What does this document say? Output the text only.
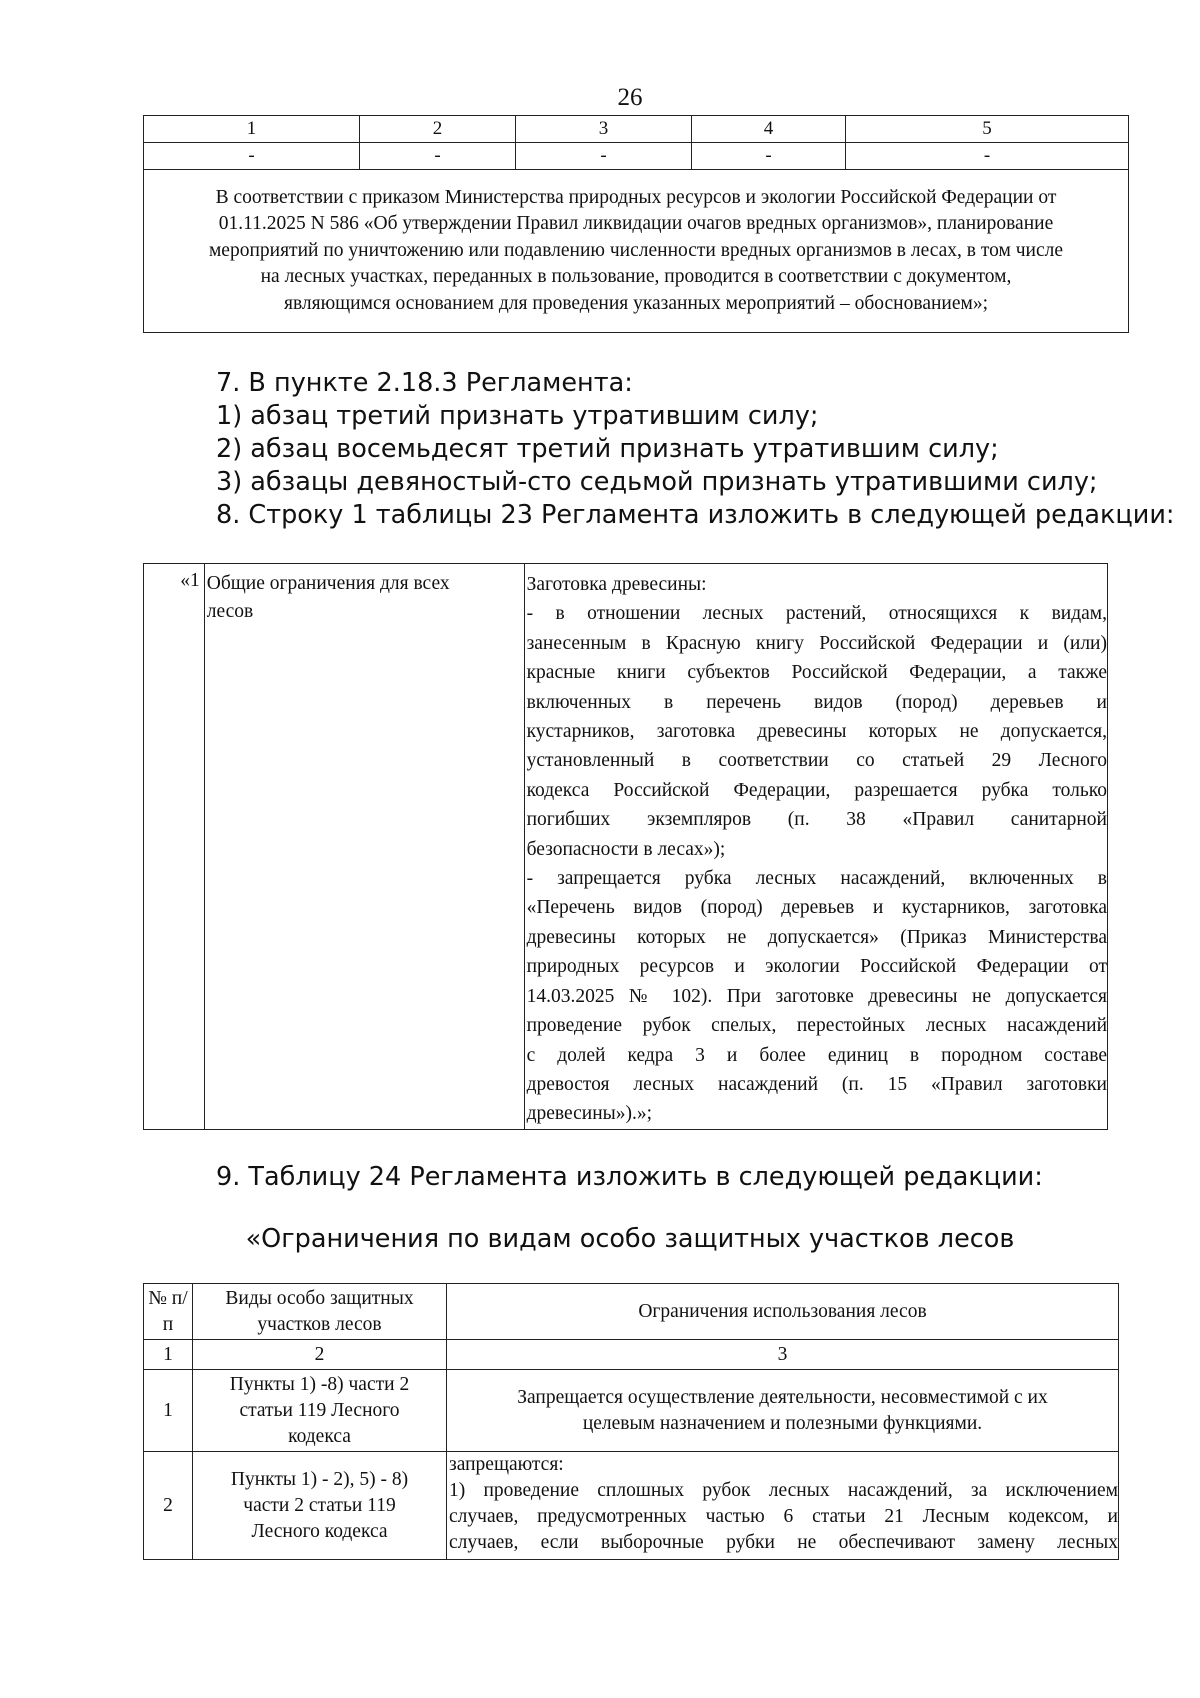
26
1	2	3	4	5
-	-	-	-	-

В соответствии с приказом Министерства природных ресурсов и экологии Российской Федерации от
01.11.2025 N 586 «Об утверждении Правил ликвидации очагов вредных организмов», планирование
мероприятий по уничтожению или подавлению численности вредных организмов в лесах, в том числе
на лесных участках, переданных в пользование, проводится в соответствии с документом,
являющимся основанием для проведения указанных мероприятий – обоснованием»;				
7. В пункте 2.18.3 Регламента:
1) абзац третий признать утратившим силу;
2) абзац восемьдесят третий признать утратившим силу;
3) абзацы девяностый-сто седьмой признать утратившими силу;
8. Строку 1 таблицы 23 Регламента изложить в следующей редакции:
«1	Общие ограничения для всех
лесов

Заготовка древесины:
- в отношении лесных растений, относящихся к видам,
занесенным в Красную книгу Российской Федерации и (или)
красные книги субъектов Российской Федерации, а также
включенных в перечень видов (пород) деревьев и
кустарников, заготовка древесины которых не допускается,
установленный в соответствии со статьей 29 Лесного
кодекса Российской Федерации, разрешается рубка только
погибших экземпляров (п. 38 «Правил санитарной
безопасности в лесах»);
- запрещается рубка лесных насаждений, включенных в
«Перечень видов (пород) деревьев и кустарников, заготовка
древесины которых не допускается» (Приказ Министерства
природных ресурсов и экологии Российской Федерации от
14.03.2025 № 102). При заготовке древесины не допускается
проведение рубок спелых, перестойных лесных насаждений
с долей кедра 3 и более единиц в породном составе
древостоя лесных насаждений (п. 15 «Правил заготовки
древесины»).»;
9. Таблицу 24 Регламента изложить в следующей редакции:
«Ограничения по видам особо защитных участков лесов
№ п/п	Виды особо защитных участков лесов	Ограничения использования лесов
1	2	3
1	Пункты 1) -8) части 2 статьи 119 Лесного кодекса	Запрещается осуществление деятельности, несовместимой с их
целевым назначением и полезными функциями.

2	Пункты 1) - 2), 5) - 8) части 2 статьи 119 Лесного кодекса	запрещаются:
1) проведение сплошных рубок лесных насаждений, за исключением
случаев, предусмотренных частью 6 статьи 21 Лесным кодексом, и
случаев, если выборочные рубки не обеспечивают замену лесных
